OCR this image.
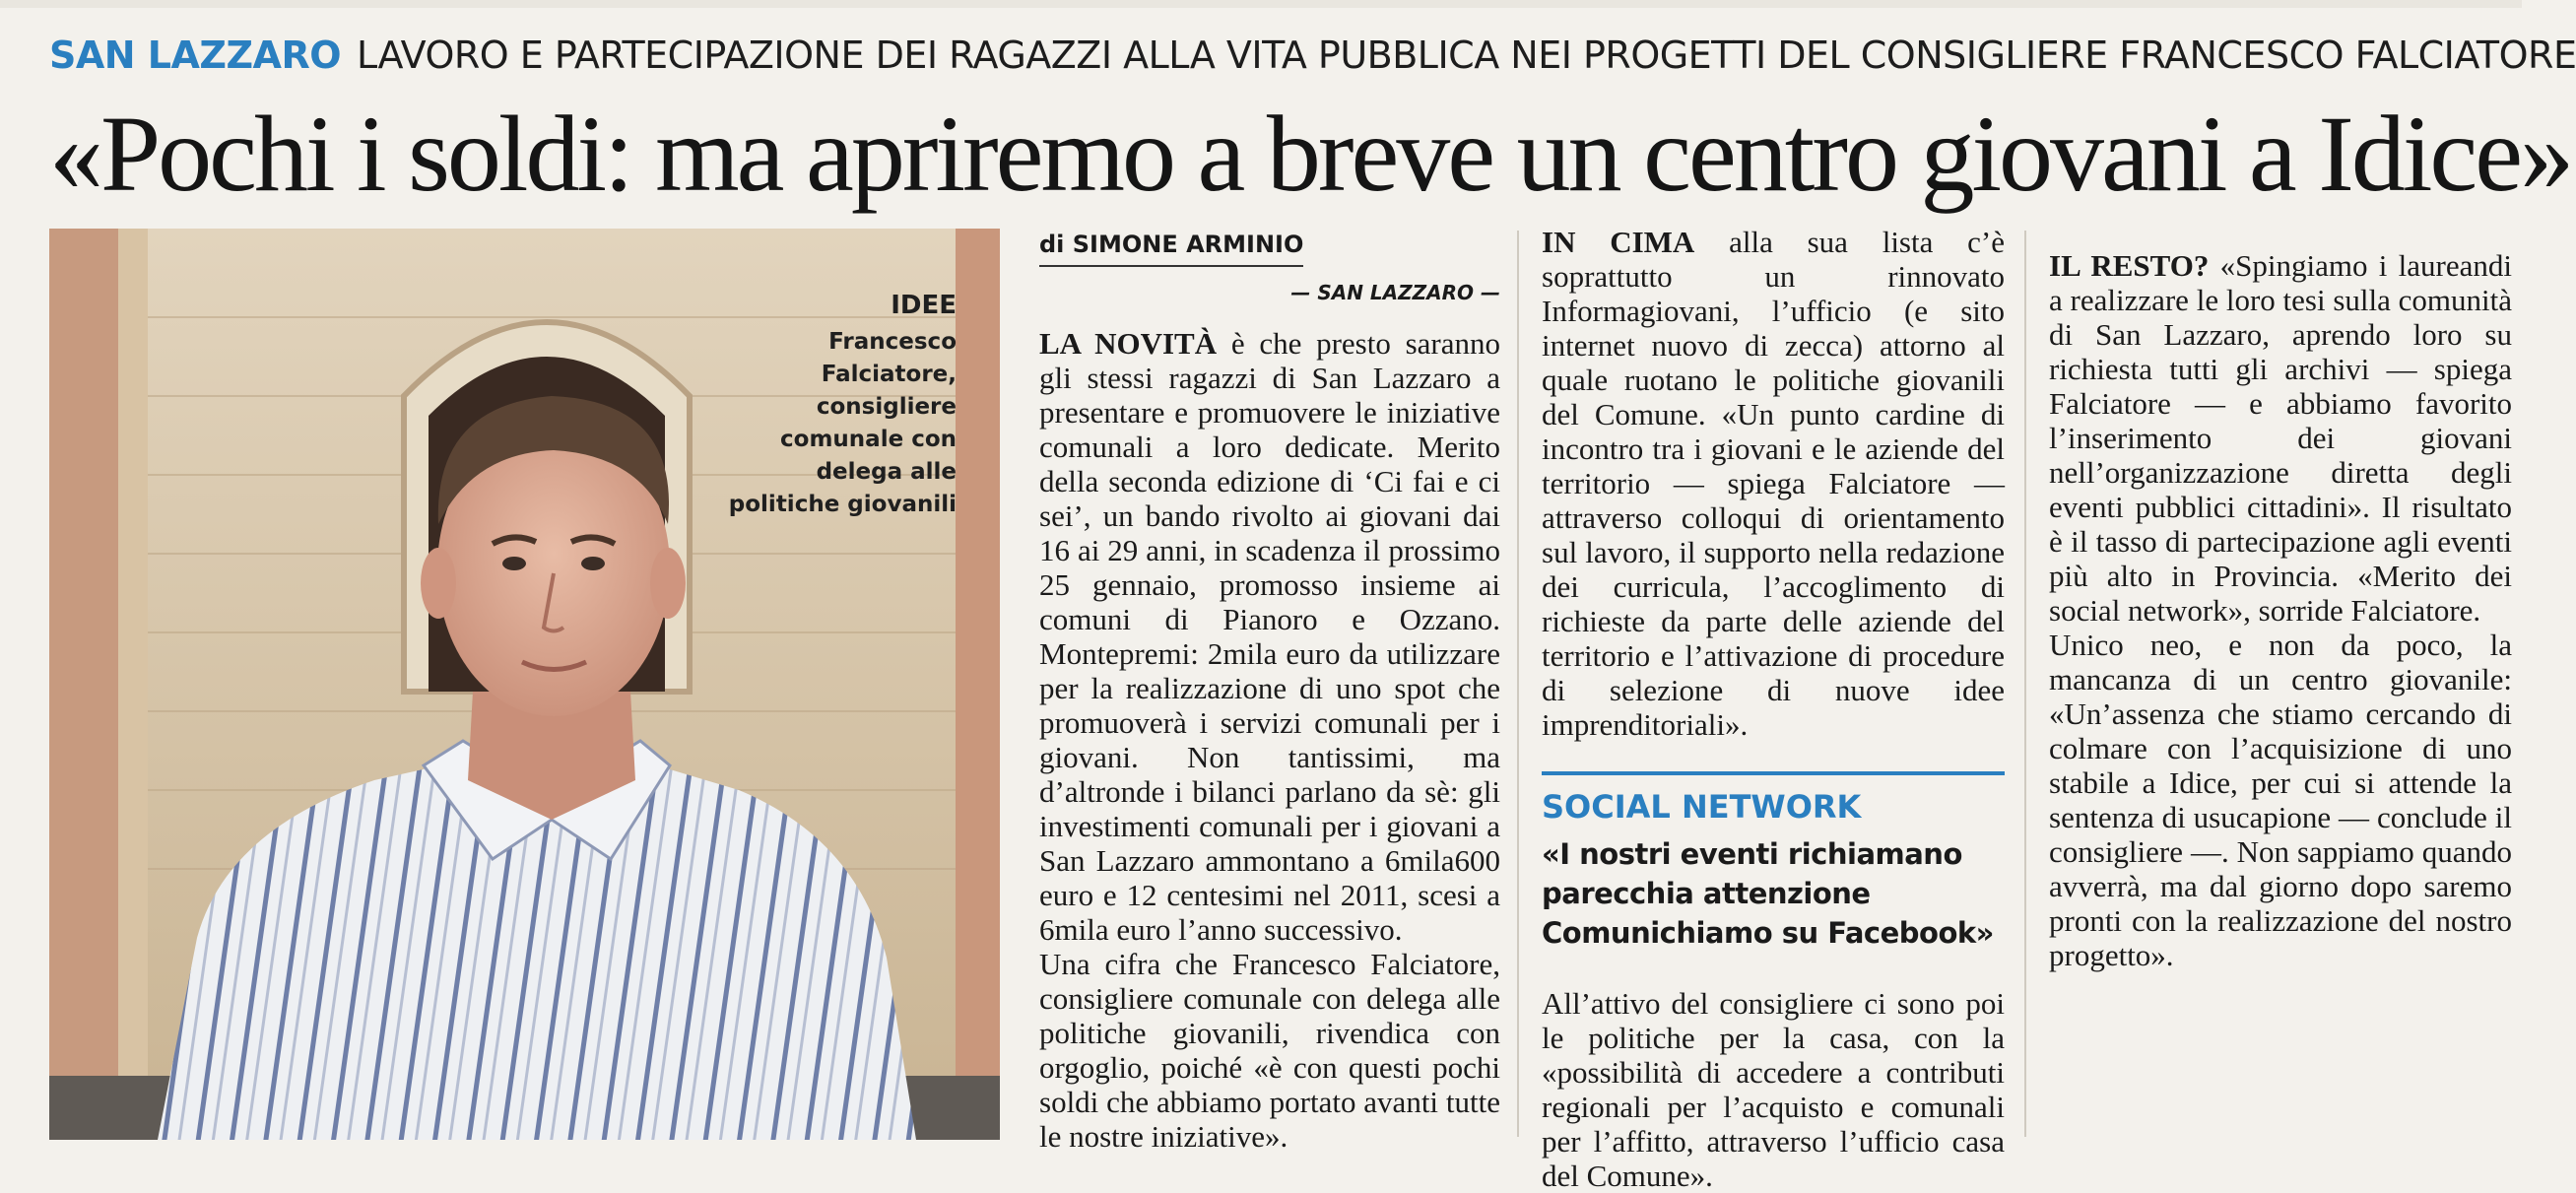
SAN LAZZARO LAVORO E PARTECIPAZIONE DEI RAGAZZI ALLA VITA PUBBLICA NEI PROGETTI DEL CONSIGLIERE FRANCESCO FALCIATORE
«Pochi i soldi: ma apriremo a breve un centro giovani a Idice»
IDEE
Francesco Falciatore, consigliere comunale con delega alle politiche giovanili
di SIMONE ARMINIO
— SAN LAZZARO —

LA NOVITÀ è che presto saranno gli stessi ragazzi di San Lazzaro a presentare e promuovere le iniziative comunali a loro dedicate. Merito della seconda edizione di ‘Ci fai e ci sei’, un bando rivolto ai giovani dai 16 ai 29 anni, in scadenza il prossimo 25 gennaio, promosso insieme ai comuni di Pianoro e Ozzano. Montepremi: 2mila euro da utilizzare per la realizzazione di uno spot che promuoverà i servizi comunali per i giovani. Non tantissimi, ma d’altronde i bilanci parlano da sè: gli investimenti comunali per i giovani a San Lazzaro ammontano a 6mila600 euro e 12 centesimi nel 2011, scesi a 6mila euro l’anno successivo.

Una cifra che Francesco Falciatore, consigliere comunale con delega alle politiche giovanili, rivendica con orgoglio, poiché «è con questi pochi soldi che abbiamo portato avanti tutte le nostre iniziative».

IN CIMA alla sua lista c’è soprattutto un rinnovato Informagiovani, l’ufficio (e sito internet nuovo di zecca) attorno al quale ruotano le politiche giovanili del Comune. «Un punto cardine di incontro tra i giovani e le aziende del territorio — spiega Falciatore — attraverso colloqui di orientamento sul lavoro, il supporto nella redazione dei curricula, l’accoglimento di richieste da parte delle aziende del territorio e l’attivazione di procedure di selezione di nuove idee imprenditoriali».

SOCIAL NETWORK
«I nostri eventi richiamano parecchia attenzione Comunichiamo su Facebook»

All’attivo del consigliere ci sono poi le politiche per la casa, con la «possibilità di accedere a contributi regionali per l’acquisto e comunali per l’affitto, attraverso l’ufficio casa del Comune».

IL RESTO? «Spingiamo i laureandi a realizzare le loro tesi sulla comunità di San Lazzaro, aprendo loro su richiesta tutti gli archivi — spiega Falciatore — e abbiamo favorito l’inserimento dei giovani nell’organizzazione diretta degli eventi pubblici cittadini». Il risultato è il tasso di partecipazione agli eventi più alto in Provincia. «Merito dei social network», sorride Falciatore.

Unico neo, e non da poco, la mancanza di un centro giovanile: «Un’assenza che stiamo cercando di colmare con l’acquisizione di uno stabile a Idice, per cui si attende la sentenza di usucapione — conclude il consigliere —. Non sappiamo quando avverrà, ma dal giorno dopo saremo pronti con la realizzazione del nostro progetto».
